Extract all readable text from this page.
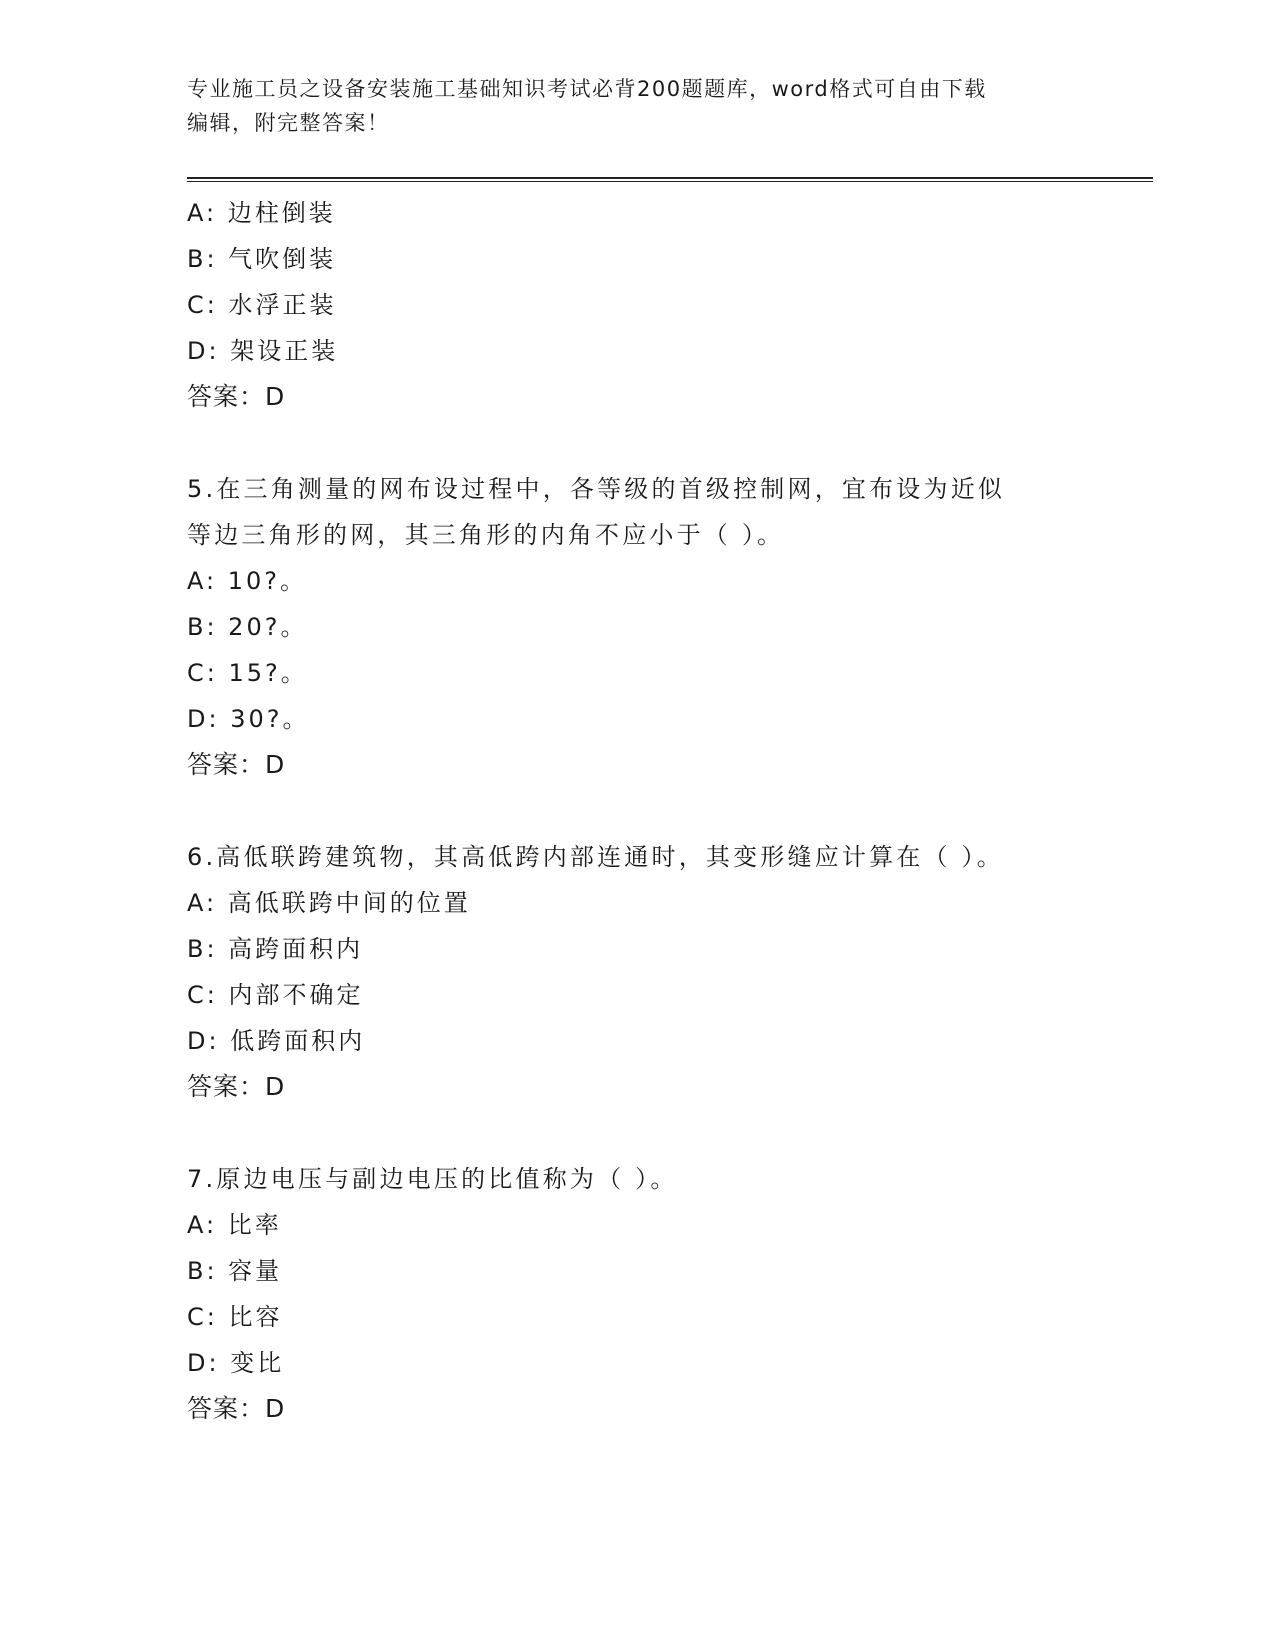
专业施工员之设备安装施工基础知识考试必背200题题库，word格式可自由下载
编辑，附完整答案！
A: 边柱倒装
B: 气吹倒装
C: 水浮正装
D: 架设正装
答案：D
5.在三角测量的网布设过程中，各等级的首级控制网，宜布设为近似
等边三角形的网，其三角形的内角不应小于（ ）。
A: 10?。
B: 20?。
C: 15?。
D: 30?。
答案：D
6.高低联跨建筑物，其高低跨内部连通时，其变形缝应计算在（ ）。
A: 高低联跨中间的位置
B: 高跨面积内
C: 内部不确定
D: 低跨面积内
答案：D
7.原边电压与副边电压的比值称为（ ）。
A: 比率
B: 容量
C: 比容
D: 变比
答案：D
